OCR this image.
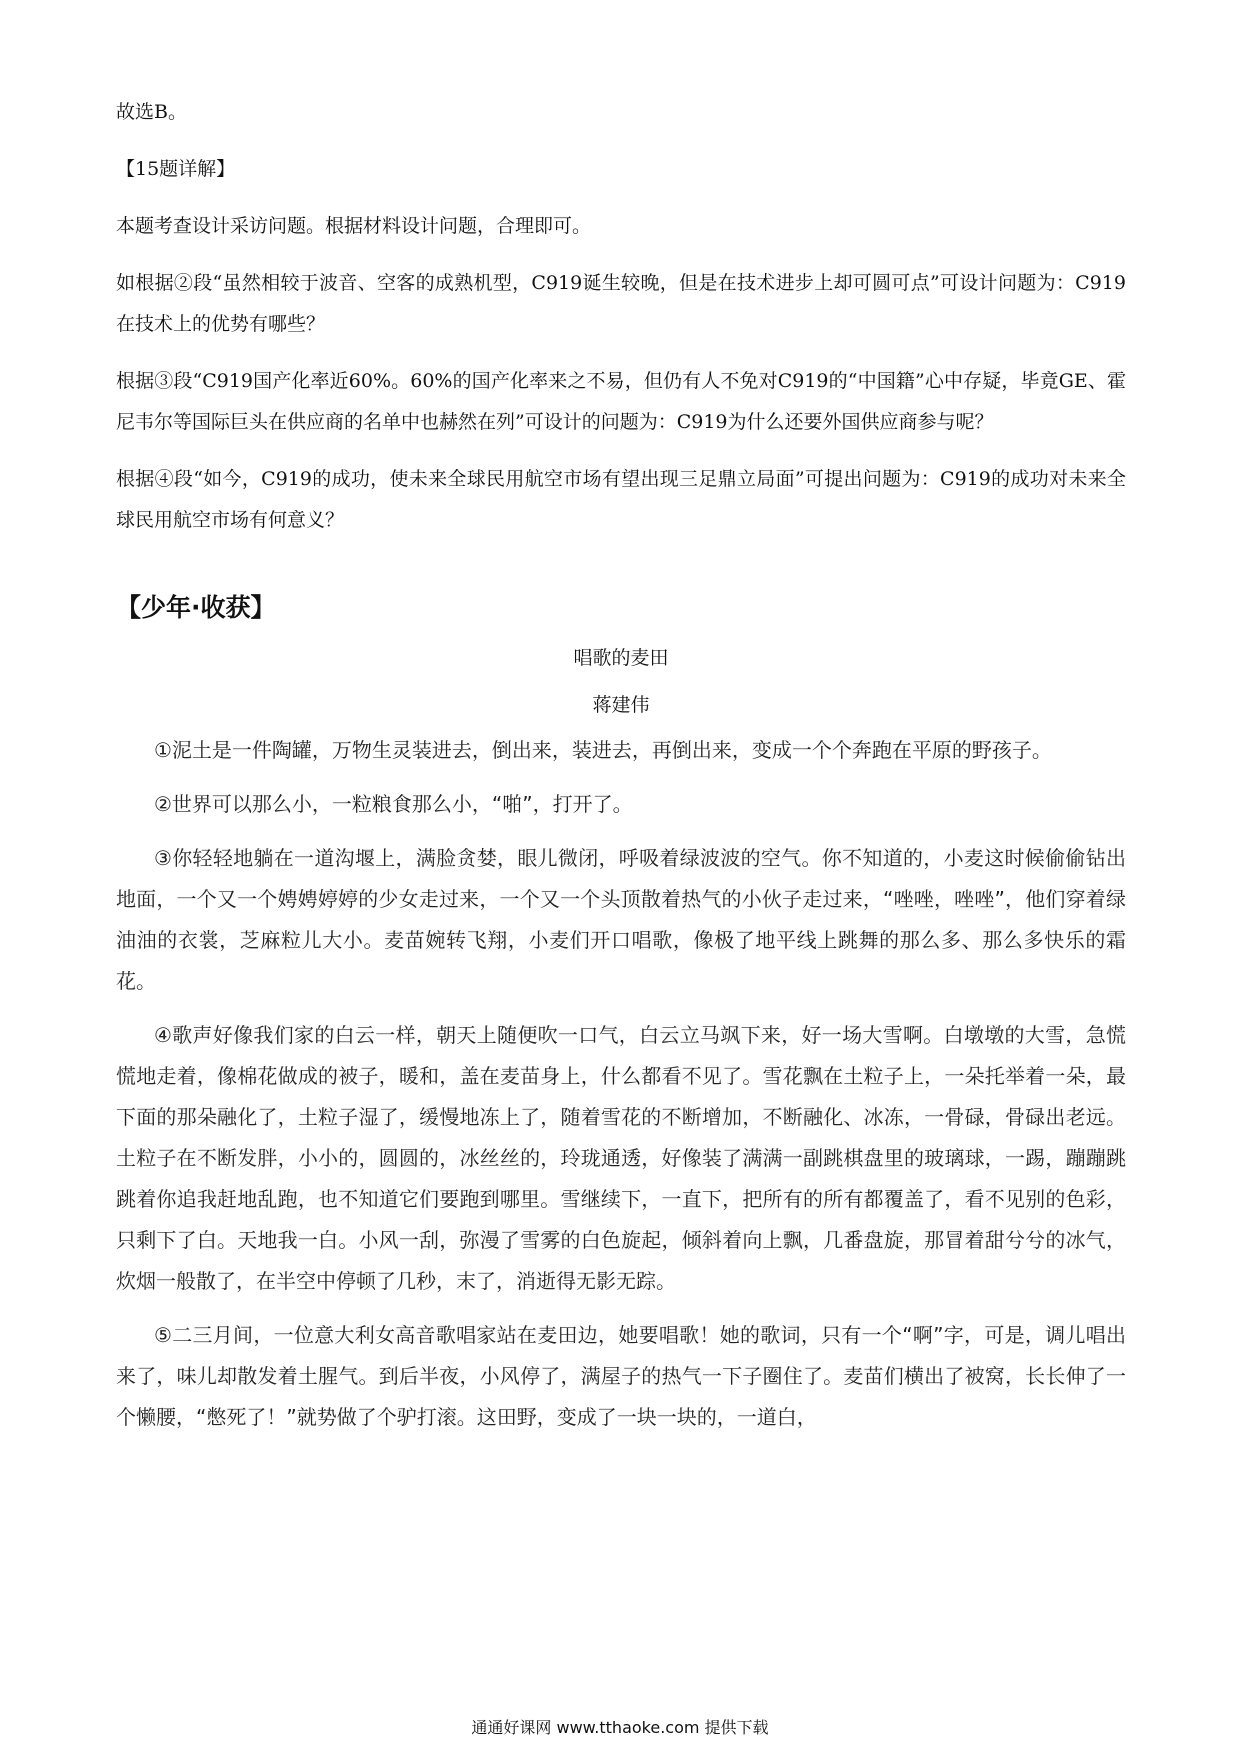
故选B。
【15题详解】
本题考查设计采访问题。根据材料设计问题，合理即可。
如根据②段“虽然相较于波音、空客的成熟机型，C919诞生较晚，但是在技术进步上却可圆可点”可设计问题为：C919在技术上的优势有哪些？
根据③段“C919国产化率近60%。60%的国产化率来之不易，但仍有人不免对C919的“中国籍”心中存疑，毕竟GE、霍尼韦尔等国际巨头在供应商的名单中也赫然在列”可设计的问题为：C919为什么还要外国供应商参与呢？
根据④段“如今，C919的成功，使未来全球民用航空市场有望出现三足鼎立局面”可提出问题为：C919的成功对未来全球民用航空市场有何意义？
【少年·收获】
唱歌的麦田
蒋建伟

①泥土是一件陶罐，万物生灵装进去，倒出来，装进去，再倒出来，变成一个个奔跑在平原的野孩子。

②世界可以那么小，一粒粮食那么小，“啪”，打开了。

③你轻轻地躺在一道沟堰上，满脸贪婪，眼儿微闭，呼吸着绿波波的空气。你不知道的，小麦这时候偷偷钻出地面，一个又一个娉娉婷婷的少女走过来，一个又一个头顶散着热气的小伙子走过来，“唑唑，唑唑”，他们穿着绿油油的衣裳，芝麻粒儿大小。麦苗婉转飞翔，小麦们开口唱歌，像极了地平线上跳舞的那么多、那么多快乐的霜花。

④歌声好像我们家的白云一样，朝天上随便吹一口气，白云立马飒下来，好一场大雪啊。白墩墩的大雪，急慌慌地走着，像棉花做成的被子，暖和，盖在麦苗身上，什么都看不见了。雪花飘在土粒子上，一朵托举着一朵，最下面的那朵融化了，土粒子湿了，缓慢地冻上了，随着雪花的不断增加，不断融化、冰冻，一骨碌，骨碌出老远。土粒子在不断发胖，小小的，圆圆的，冰丝丝的，玲珑通透，好像装了满满一副跳棋盘里的玻璃球，一踢，蹦蹦跳跳着你追我赶地乱跑，也不知道它们要跑到哪里。雪继续下，一直下，把所有的所有都覆盖了，看不见别的色彩，只剩下了白。天地我一白。小风一刮，弥漫了雪雾的白色旋起，倾斜着向上飘，几番盘旋，那冒着甜兮兮的冰气，炊烟一般散了，在半空中停顿了几秒，末了，消逝得无影无踪。

⑤二三月间，一位意大利女高音歌唱家站在麦田边，她要唱歌！她的歌词，只有一个“啊”字，可是，调儿唱出来了，味儿却散发着土腥气。到后半夜，小风停了，满屋子的热气一下子圈住了。麦苗们横出了被窝，长长伸了一个懒腰，“憋死了！”就势做了个驴打滚。这田野，变成了一块一块的，一道白，

通通好课网 www.tthaoke.com 提供下载
